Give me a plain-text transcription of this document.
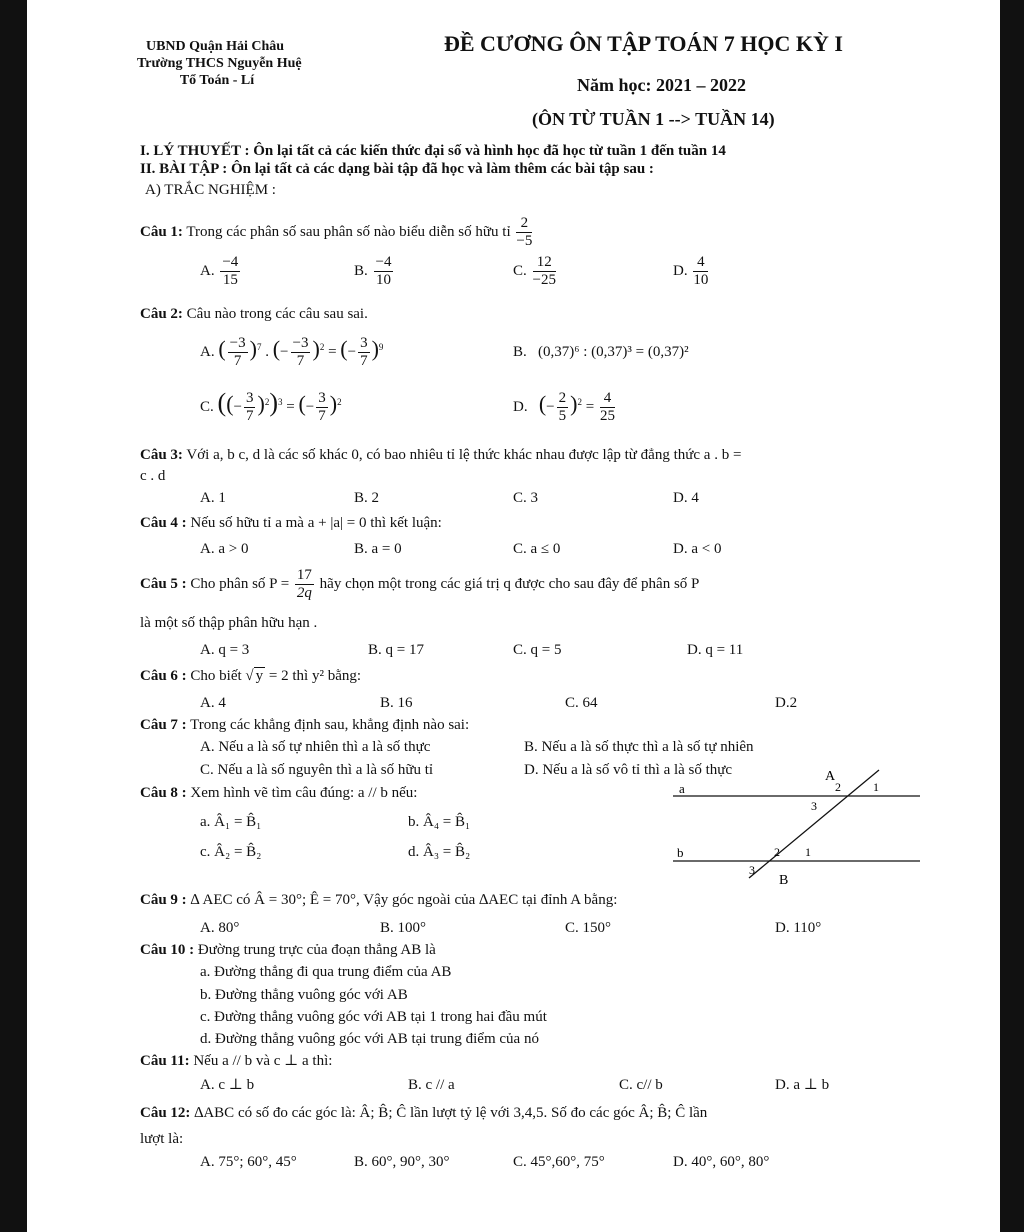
UBND Quận Hải Châu
Trường THCS Nguyễn Huệ
Tổ Toán - Lí
ĐỀ CƯƠNG ÔN TẬP TOÁN 7 HỌC KỲ I
Năm học: 2021 – 2022
(ÔN TỪ TUẦN 1 --> TUẦN 14)
I. LÝ THUYẾT : Ôn lại tất cả các kiến thức đại số và hình học đã học từ tuần 1 đến tuần 14
II. BÀI TẬP : Ôn lại tất cả các dạng bài tập đã học và làm thêm các bài tập sau :
A) TRẮC NGHIỆM :
Câu 1: Trong các phân số sau phân số nào biểu diễn số hữu tỉ $\frac{2}{-5}$
A. $\frac{-4}{15}$	B. $\frac{-4}{10}$	C. $\frac{12}{-25}$	D. $\frac{4}{10}$
Câu 2: Câu nào trong các câu sau sai.
A. ( $\frac{-3}{7} )^7$ . (− $\frac{-3}{7} )^2$ = (− $\frac{3}{7} )^9$	B. (0,37)⁶ : (0,37)³ = (0,37)²
C. ((− $\frac{3}{7} )^2)^3$ = (− $\frac{3}{7} )^2$	D. (− $\frac{2}{5} )^2 = \frac{4}{25}$
Câu 3: Với a, b c, d là các số khác 0, có bao nhiêu tỉ lệ thức khác nhau được lập từ đẳng thức a . b =
c . d
A. 1	B. 2	C. 3	D. 4
Câu 4 : Nếu số hữu tỉ a mà a + |a| = 0 thì kết luận:
A. a > 0	B. a = 0	C. a ≤ 0	D. a < 0
Câu 5 : Cho phân số $P = \frac{17}{2q}$ hãy chọn một trong các giá trị q được cho sau đây để phân số P
là một số thập phân hữu hạn .
A. q = 3	B. q = 17	C. q = 5	D. q = 11
Câu 6 : Cho biết √ y = 2 thì y² bằng:
A. 4	B. 16	C. 64	D.2
Câu 7 : Trong các khẳng định sau, khẳng định nào sai:
A. Nếu a là số tự nhiên thì a là số thực	B. Nếu a là số thực thì a là số tự nhiên
C. Nếu a là số nguyên thì a là số hữu tỉ	D. Nếu a là số vô tỉ thì a là số thực
Câu 8 : Xem hình vẽ tìm câu đúng: a // b nếu:
a. Â₁ = B̂₁	b. Â₄ = B̂₁
c. Â₂ = B̂₂	d. Â₃ = B̂₂
a
b
A
B
2	1
3
2 1
3
Câu 9 : ∆ AEC có Â = 30°; Ê = 70°, Vậy góc ngoài của ∆AEC tại đỉnh A bằng:
A. 80°	B. 100°	C. 150°	D. 110°
Câu 10 : Đường trung trực của đoạn thẳng AB là
a. Đường thẳng đi qua trung điểm của AB
b. Đường thẳng vuông góc với AB
c. Đường thẳng vuông góc với AB tại 1 trong hai đầu mút
d. Đường thẳng vuông góc với AB tại trung điểm của nó
Câu 11: Nếu a // b và c ⊥ a thì:
A. c ⊥ b	B. c // a	C. c// b	D. a ⊥ b
Câu 12: ∆ABC có số đo các góc là: Â; B̂; Ĉ lần lượt tỷ lệ với 3,4,5. Số đo các góc Â; B̂; Ĉ lần
lượt là:
A. 75°; 60°, 45°	B. 60°, 90°, 30°	C. 45°,60°, 75°	D. 40°, 60°, 80°
